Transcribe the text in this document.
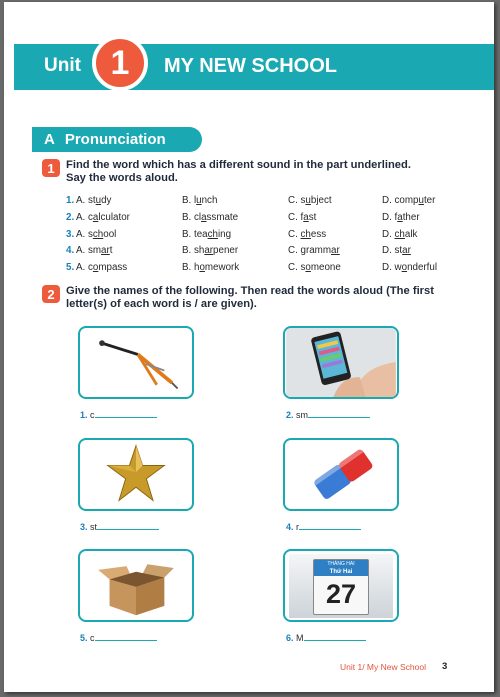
Unit 1	MY NEW SCHOOL
A Pronunciation
1	Find the word which has a different sound in the part underlined.
Say the words aloud.
1. A. study	B. lunch	C. subject	D. computer
2. A. calculator	B. classmate	C. fast	D. father
3. A. school	B. teaching	C. chess	D. chalk
4. A. smart	B. sharpener	C. grammar	D. star
5. A. compass	B. homework	C. someone	D. wonderful
2	Give the names of the following. Then read the words aloud (The first
letter(s) of each word is / are given).
1. c	2. sm
3. st	4. r
5. c
THÁNG HAI
Thứ Hai
27
6. M
Unit 1/ My New School 3
